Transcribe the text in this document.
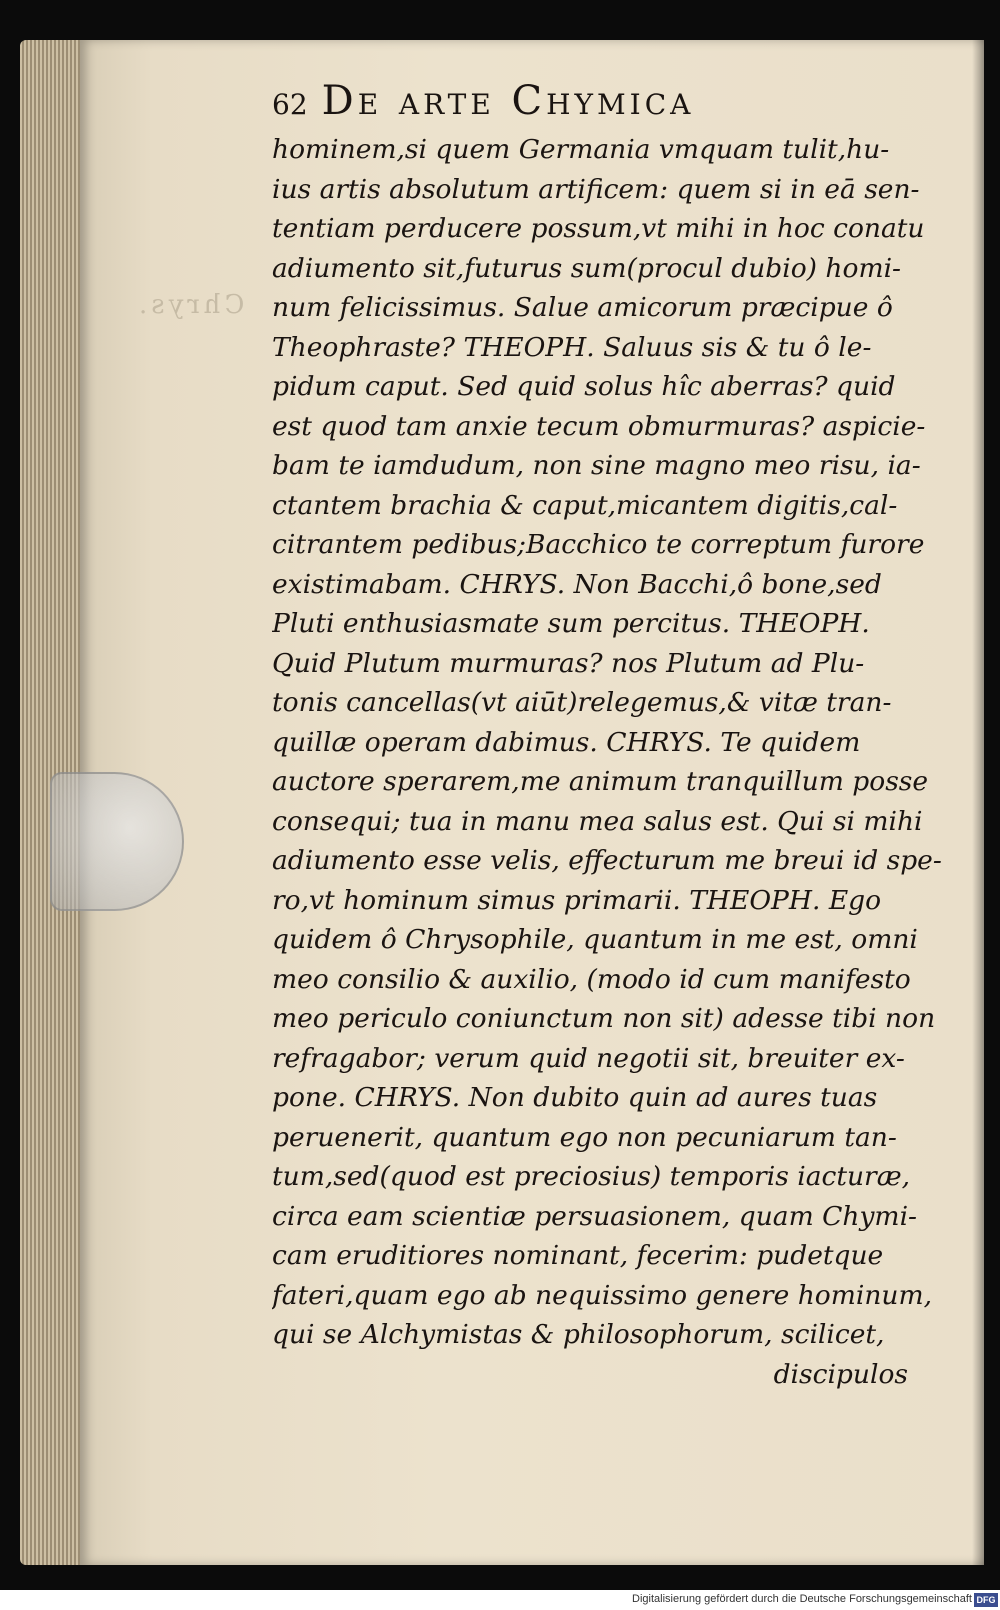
Chrys.
62 De arte Chymica
hominem,si quem Germania vmquam tulit,hu-
ius artis absolutum artificem: quem si in eā sen-
tentiam perducere possum,vt mihi in hoc conatu
adiumento sit,futurus sum(procul dubio) homi-
num felicissimus. Salue amicorum præcipue ô
Theophraste? THEOPH. Saluus sis & tu ô le-
pidum caput. Sed quid solus hîc aberras? quid
est quod tam anxie tecum obmurmuras? aspicie-
bam te iamdudum, non sine magno meo risu, ia-
ctantem brachia & caput,micantem digitis,cal-
citrantem pedibus;Bacchico te correptum furore
existimabam. CHRYS. Non Bacchi,ô bone,sed
Pluti enthusiasmate sum percitus. THEOPH.
Quid Plutum murmuras? nos Plutum ad Plu-
tonis cancellas(vt aiūt)relegemus,& vitæ tran-
quillæ operam dabimus. CHRYS. Te quidem
auctore sperarem,me animum tranquillum posse
consequi; tua in manu mea salus est. Qui si mihi
adiumento esse velis, effecturum me breui id spe-
ro,vt hominum simus primarii. THEOPH. Ego
quidem ô Chrysophile, quantum in me est, omni
meo consilio & auxilio, (modo id cum manifesto
meo periculo coniunctum non sit) adesse tibi non
refragabor; verum quid negotii sit, breuiter ex-
pone. CHRYS. Non dubito quin ad aures tuas
peruenerit, quantum ego non pecuniarum tan-
tum,sed(quod est preciosius) temporis iacturæ,
circa eam scientiæ persuasionem, quam Chymi-
cam eruditiores nominant, fecerim: pudetque
fateri,quam ego ab nequissimo genere hominum,
qui se Alchymistas & philosophorum, scilicet,
discipulos
Digitalisierung gefördert durch die Deutsche Forschungsgemeinschaft DFG
